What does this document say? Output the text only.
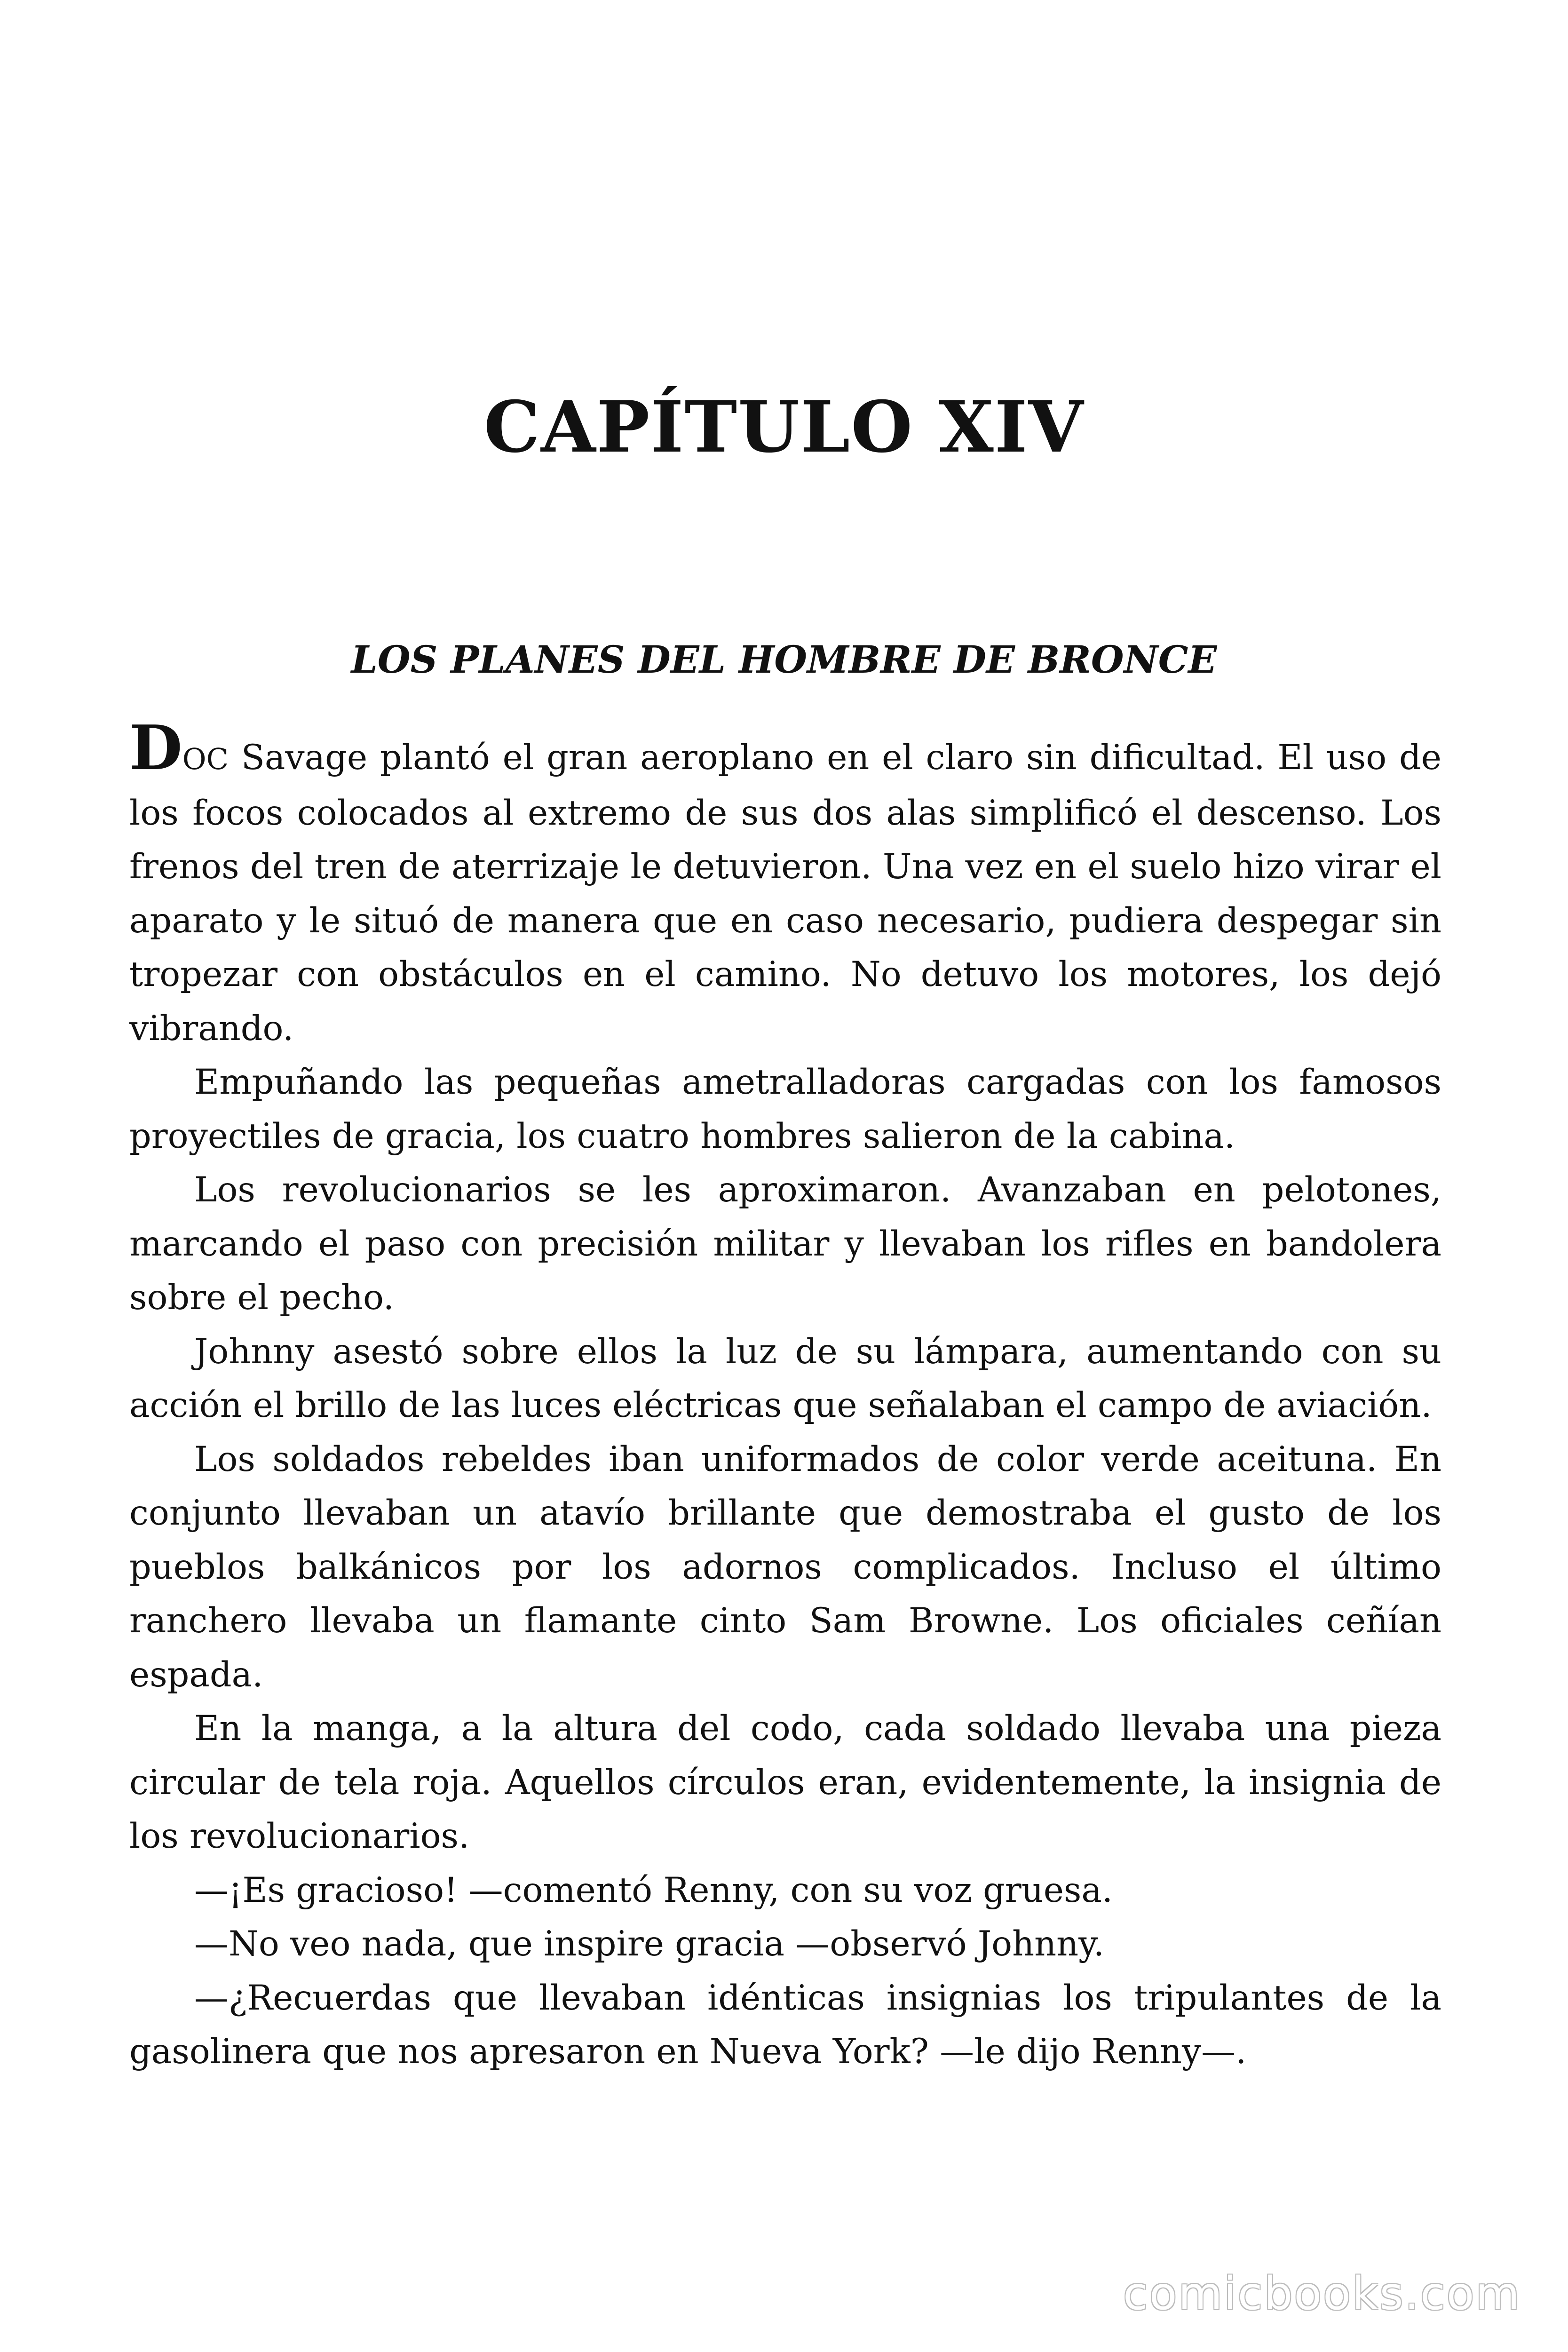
CAPÍTULO XIV
LOS PLANES DEL HOMBRE DE BRONCE

DOC Savage plantó el gran aeroplano en el claro sin dificultad. El uso de los focos colocados al extremo de sus dos alas simplificó el descenso. Los frenos del tren de aterrizaje le detuvieron. Una vez en el suelo hizo virar el aparato y le situó de manera que en caso necesario, pudiera despegar sin tropezar con obstáculos en el camino. No detuvo los motores, los dejó vibrando.

Empuñando las pequeñas ametralladoras cargadas con los famosos proyectiles de gracia, los cuatro hombres salieron de la cabina.

Los revolucionarios se les aproximaron. Avanzaban en pelotones, marcando el paso con precisión militar y llevaban los rifles en bandolera sobre el pecho.

Johnny asestó sobre ellos la luz de su lámpara, aumentando con su acción el brillo de las luces eléctricas que señalaban el campo de aviación.

Los soldados rebeldes iban uniformados de color verde aceituna. En conjunto llevaban un atavío brillante que demostraba el gusto de los pueblos balkánicos por los adornos complicados. Incluso el último ranchero llevaba un flamante cinto Sam Browne. Los oficiales ceñían espada.

En la manga, a la altura del codo, cada soldado llevaba una pieza circular de tela roja. Aquellos círculos eran, evidentemente, la insignia de los revolucionarios.

—¡Es gracioso! —comentó Renny, con su voz gruesa.

—No veo nada, que inspire gracia —observó Johnny.

—¿Recuerdas que llevaban idénticas insignias los tripulantes de la gasolinera que nos apresaron en Nueva York? —le dijo Renny—.

comicbooks.com
